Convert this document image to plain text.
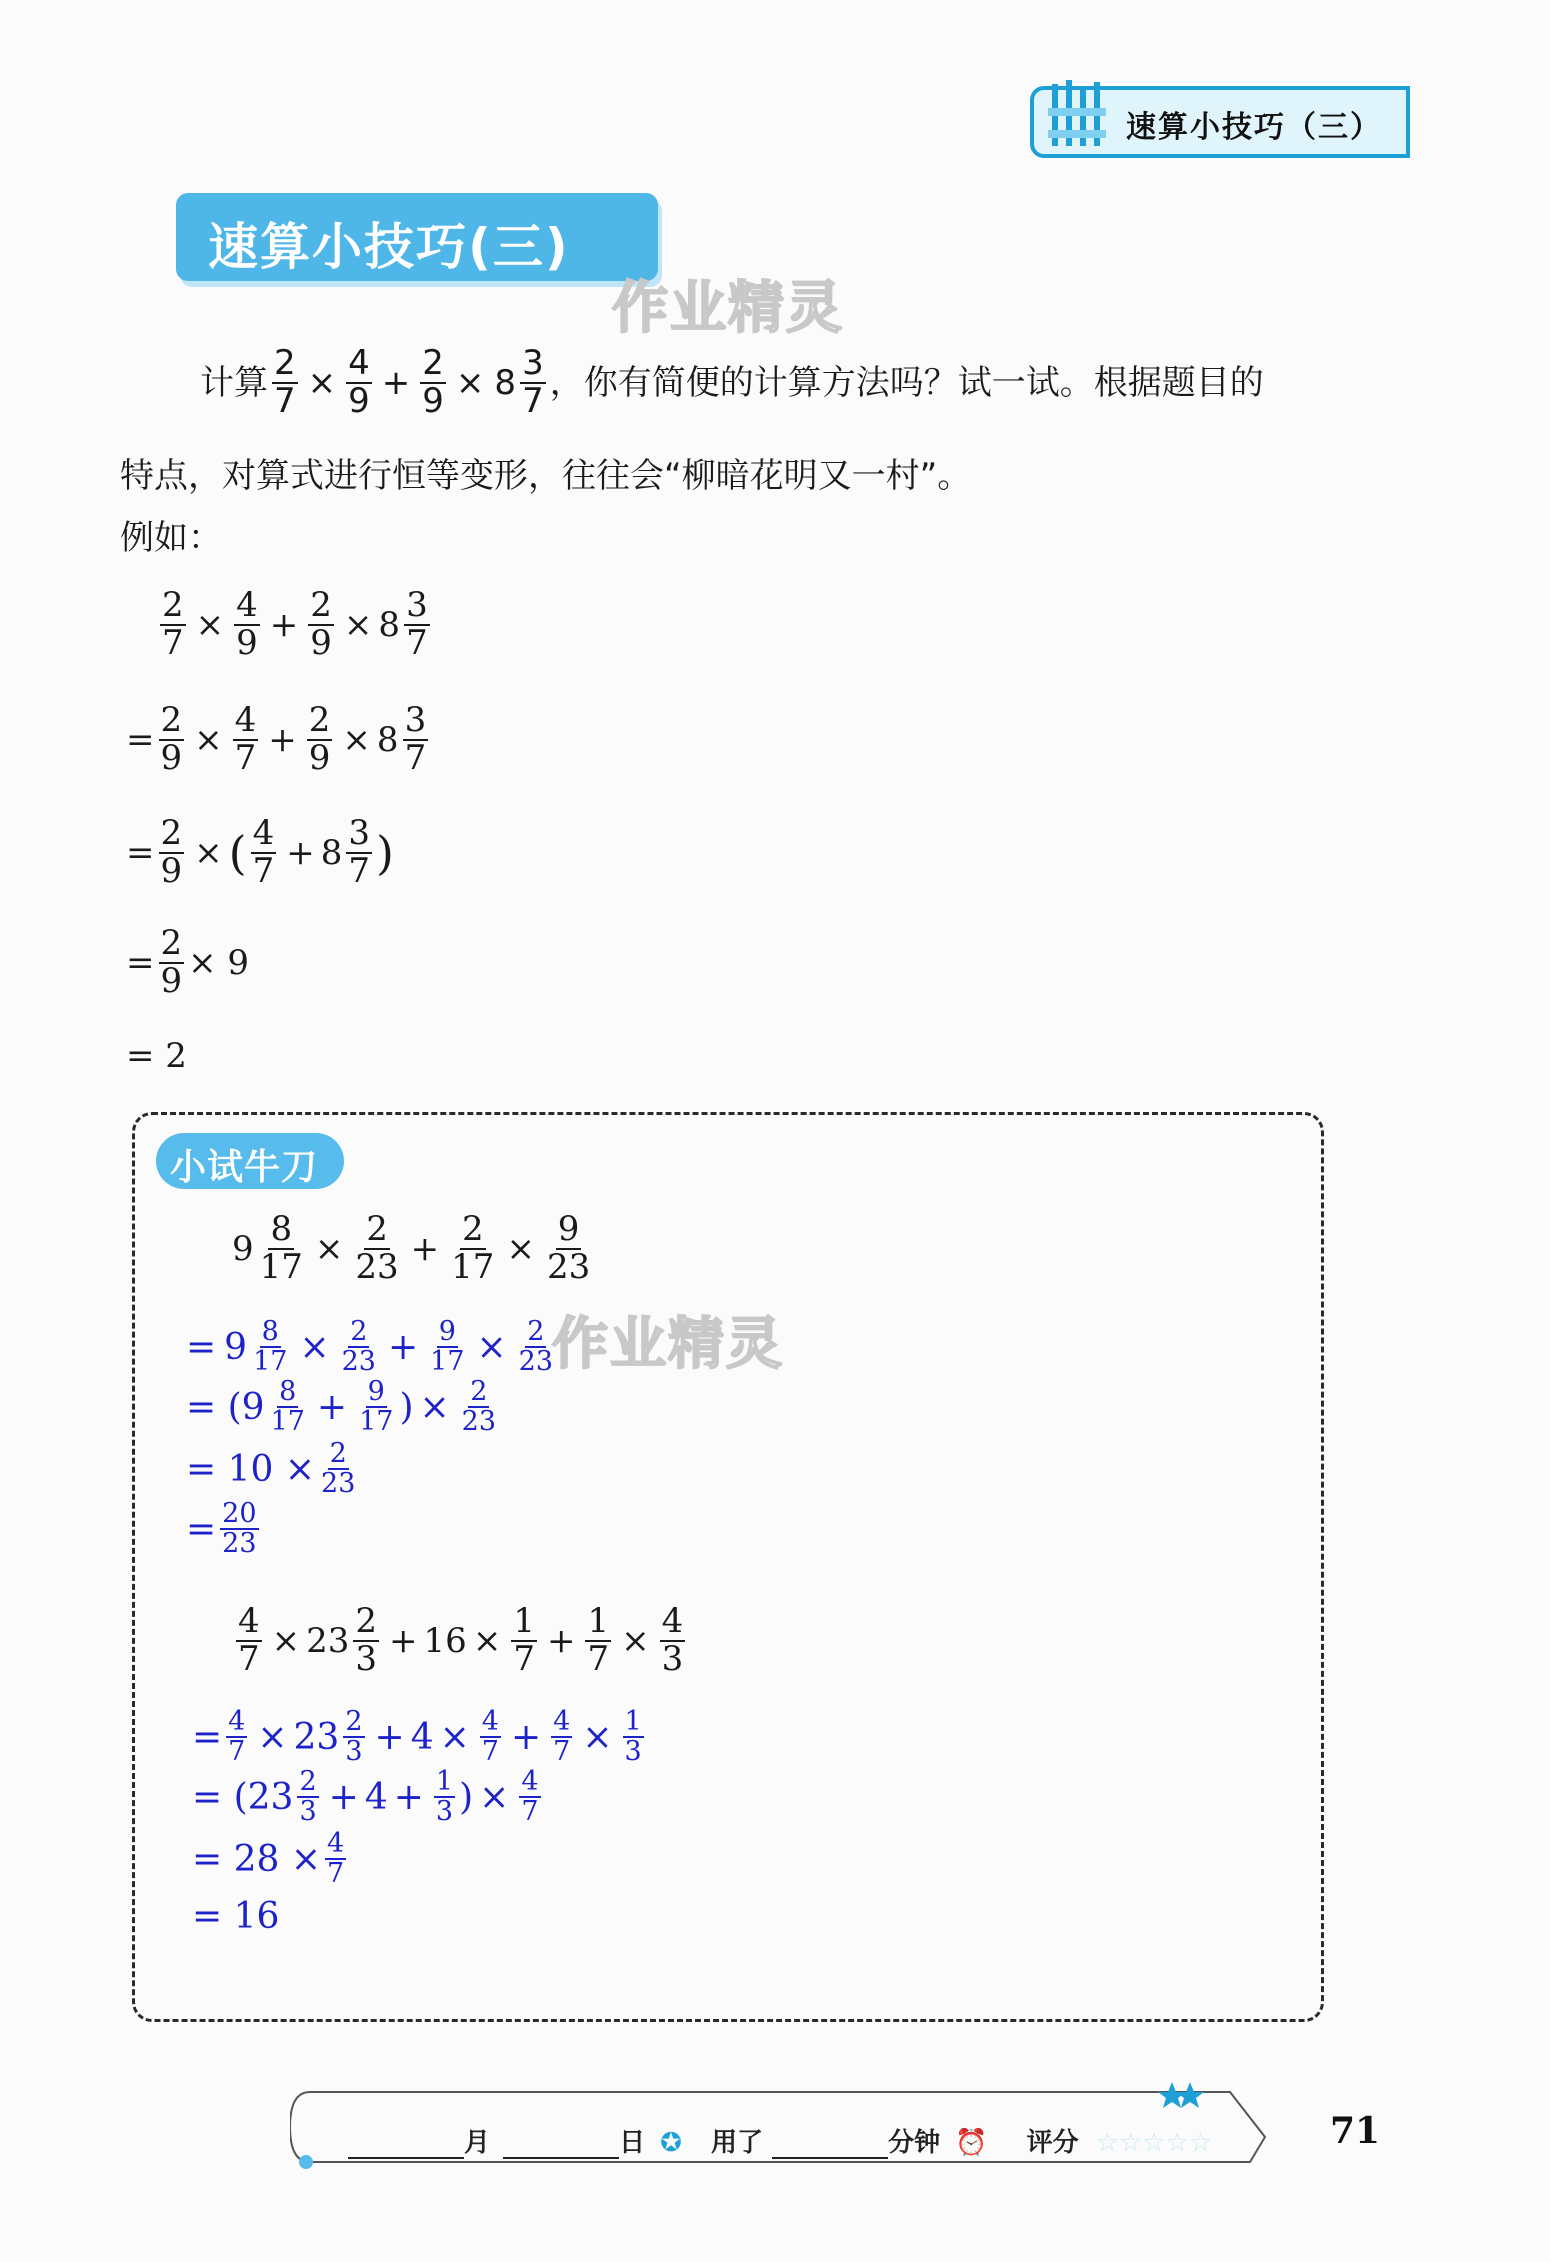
速算小技巧（三）
速算小技巧(三)
作业精灵
计算 $\frac{2}{7} \times \frac{4}{9} + \frac{2}{9} \times 8 \frac{3}{7}$ ，你有简便的计算方法吗？试一试。根据题目的
特点，对算式进行恒等变形，往往会“柳暗花明又一村”。
例如：
$\frac{2}{7} \times \frac{4}{9} + \frac{2}{9} \times 8 \frac{3}{7}$
= $\frac{2}{9} \times \frac{4}{7} + \frac{2}{9} \times 8 \frac{3}{7}$
= $\frac{2}{9}$ × ( $\frac{4}{7} + 8 \frac{3}{7}$ )
= $\frac{2}{9} \times 9$
= 2
小试牛刀
$9 \frac{8}{17} \times \frac{2}{23} + \frac{2}{17} \times \frac{9}{23}$
作业精灵
= $9 \frac{8}{17} \times \frac{2}{23} + \frac{9}{17} \times \frac{2}{23}$
= ( $9 \frac{8}{17} + \frac{9}{17}$ ) × $\frac{2}{23}$
= $10 \times \frac{2}{23}$
= $\frac{20}{23}$
$\frac{4}{7} \times 23 \frac{2}{3} + 16 \times \frac{1}{7} + \frac{1}{7} \times \frac{4}{3}$
= $\frac{4}{7} \times 23 \frac{2}{3} + 4 \times \frac{4}{7} + \frac{4}{7} \times \frac{1}{3}$
= ( $23 \frac{2}{3} + 4 + \frac{1}{3}$ ) × $\frac{4}{7}$
= $28 \times \frac{4}{7}$
= 16
月	日 ✪ 用了	分钟 ⏰ 评分 ☆☆☆☆☆	71
